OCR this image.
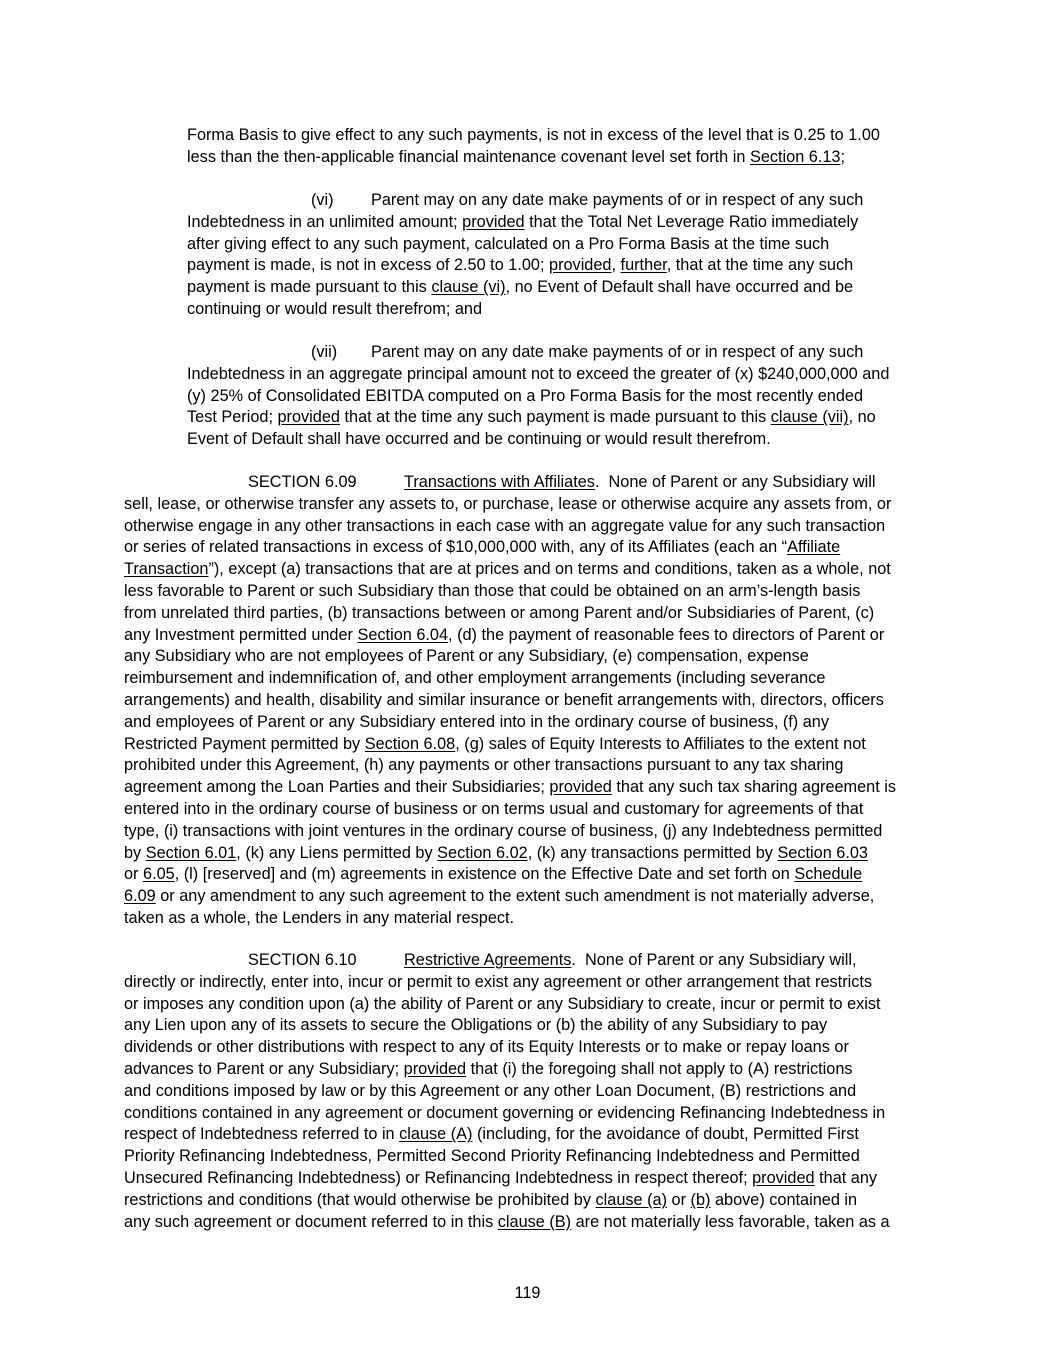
Forma Basis to give effect to any such payments, is not in excess of the level that is 0.25 to 1.00
less than the then-applicable financial maintenance covenant level set forth in Section 6.13;
(vi) Parent may on any date make payments of or in respect of any such
Indebtedness in an unlimited amount; provided that the Total Net Leverage Ratio immediately
after giving effect to any such payment, calculated on a Pro Forma Basis at the time such
payment is made, is not in excess of 2.50 to 1.00; provided, further, that at the time any such
payment is made pursuant to this clause (vi), no Event of Default shall have occurred and be
continuing or would result therefrom; and
(vii) Parent may on any date make payments of or in respect of any such
Indebtedness in an aggregate principal amount not to exceed the greater of (x) $240,000,000 and
(y) 25% of Consolidated EBITDA computed on a Pro Forma Basis for the most recently ended
Test Period; provided that at the time any such payment is made pursuant to this clause (vii), no
Event of Default shall have occurred and be continuing or would result therefrom.
SECTION 6.09	Transactions with Affiliates.  None of Parent or any Subsidiary will
sell, lease, or otherwise transfer any assets to, or purchase, lease or otherwise acquire any assets from, or
otherwise engage in any other transactions in each case with an aggregate value for any such transaction
or series of related transactions in excess of $10,000,000 with, any of its Affiliates (each an “Affiliate
Transaction”), except (a) transactions that are at prices and on terms and conditions, taken as a whole, not
less favorable to Parent or such Subsidiary than those that could be obtained on an arm’s-length basis
from unrelated third parties, (b) transactions between or among Parent and/or Subsidiaries of Parent, (c)
any Investment permitted under Section 6.04, (d) the payment of reasonable fees to directors of Parent or
any Subsidiary who are not employees of Parent or any Subsidiary, (e) compensation, expense
reimbursement and indemnification of, and other employment arrangements (including severance
arrangements) and health, disability and similar insurance or benefit arrangements with, directors, officers
and employees of Parent or any Subsidiary entered into in the ordinary course of business, (f) any
Restricted Payment permitted by Section 6.08, (g) sales of Equity Interests to Affiliates to the extent not
prohibited under this Agreement, (h) any payments or other transactions pursuant to any tax sharing
agreement among the Loan Parties and their Subsidiaries; provided that any such tax sharing agreement is
entered into in the ordinary course of business or on terms usual and customary for agreements of that
type, (i) transactions with joint ventures in the ordinary course of business, (j) any Indebtedness permitted
by Section 6.01, (k) any Liens permitted by Section 6.02, (k) any transactions permitted by Section 6.03
or 6.05, (l) [reserved] and (m) agreements in existence on the Effective Date and set forth on Schedule
6.09 or any amendment to any such agreement to the extent such amendment is not materially adverse,
taken as a whole, the Lenders in any material respect.
SECTION 6.10	Restrictive Agreements.  None of Parent or any Subsidiary will,
directly or indirectly, enter into, incur or permit to exist any agreement or other arrangement that restricts
or imposes any condition upon (a) the ability of Parent or any Subsidiary to create, incur or permit to exist
any Lien upon any of its assets to secure the Obligations or (b) the ability of any Subsidiary to pay
dividends or other distributions with respect to any of its Equity Interests or to make or repay loans or
advances to Parent or any Subsidiary; provided that (i) the foregoing shall not apply to (A) restrictions
and conditions imposed by law or by this Agreement or any other Loan Document, (B) restrictions and
conditions contained in any agreement or document governing or evidencing Refinancing Indebtedness in
respect of Indebtedness referred to in clause (A) (including, for the avoidance of doubt, Permitted First
Priority Refinancing Indebtedness, Permitted Second Priority Refinancing Indebtedness and Permitted
Unsecured Refinancing Indebtedness) or Refinancing Indebtedness in respect thereof; provided that any
restrictions and conditions (that would otherwise be prohibited by clause (a) or (b) above) contained in
any such agreement or document referred to in this clause (B) are not materially less favorable, taken as a
119
